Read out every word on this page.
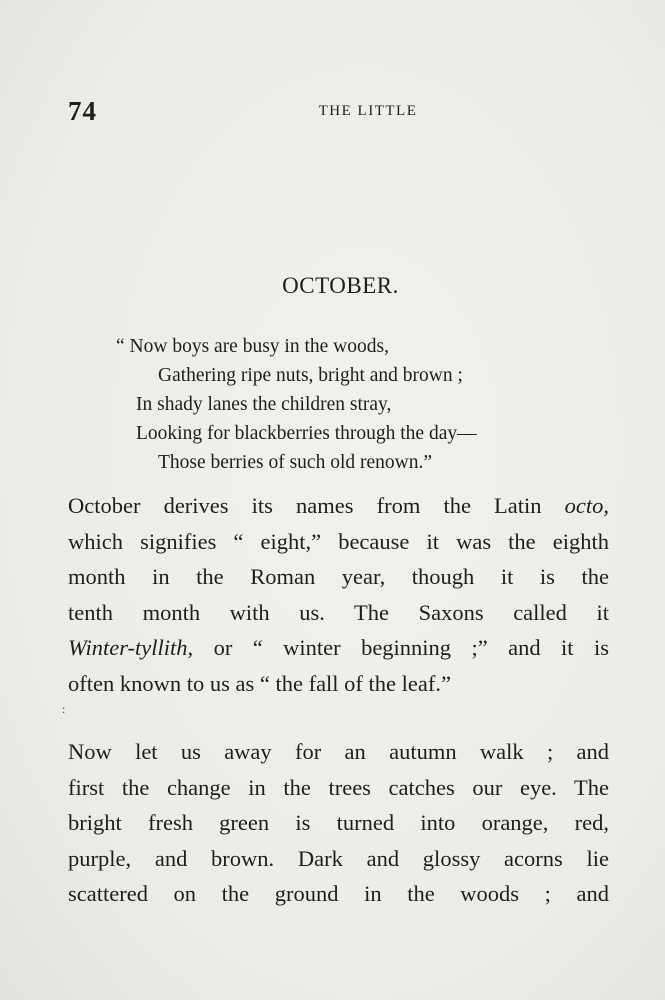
74	THE LITTLE
OCTOBER.
“ Now boys are busy in the woods,
Gathering ripe nuts, bright and brown ;
In shady lanes the children stray,
Looking for blackberries through the day—
Those berries of such old renown.”
October derives its names from the Latin octo,
which signifies “ eight,” because it was the eighth
month in the Roman year, though it is the
tenth month with us. The Saxons called it
Winter-tyllith, or “ winter beginning ;” and it is
often known to us as “ the fall of the leaf.”
:
Now let us away for an autumn walk ; and
first the change in the trees catches our eye. The
bright fresh green is turned into orange, red,
purple, and brown. Dark and glossy acorns lie
scattered on the ground in the woods ; and
